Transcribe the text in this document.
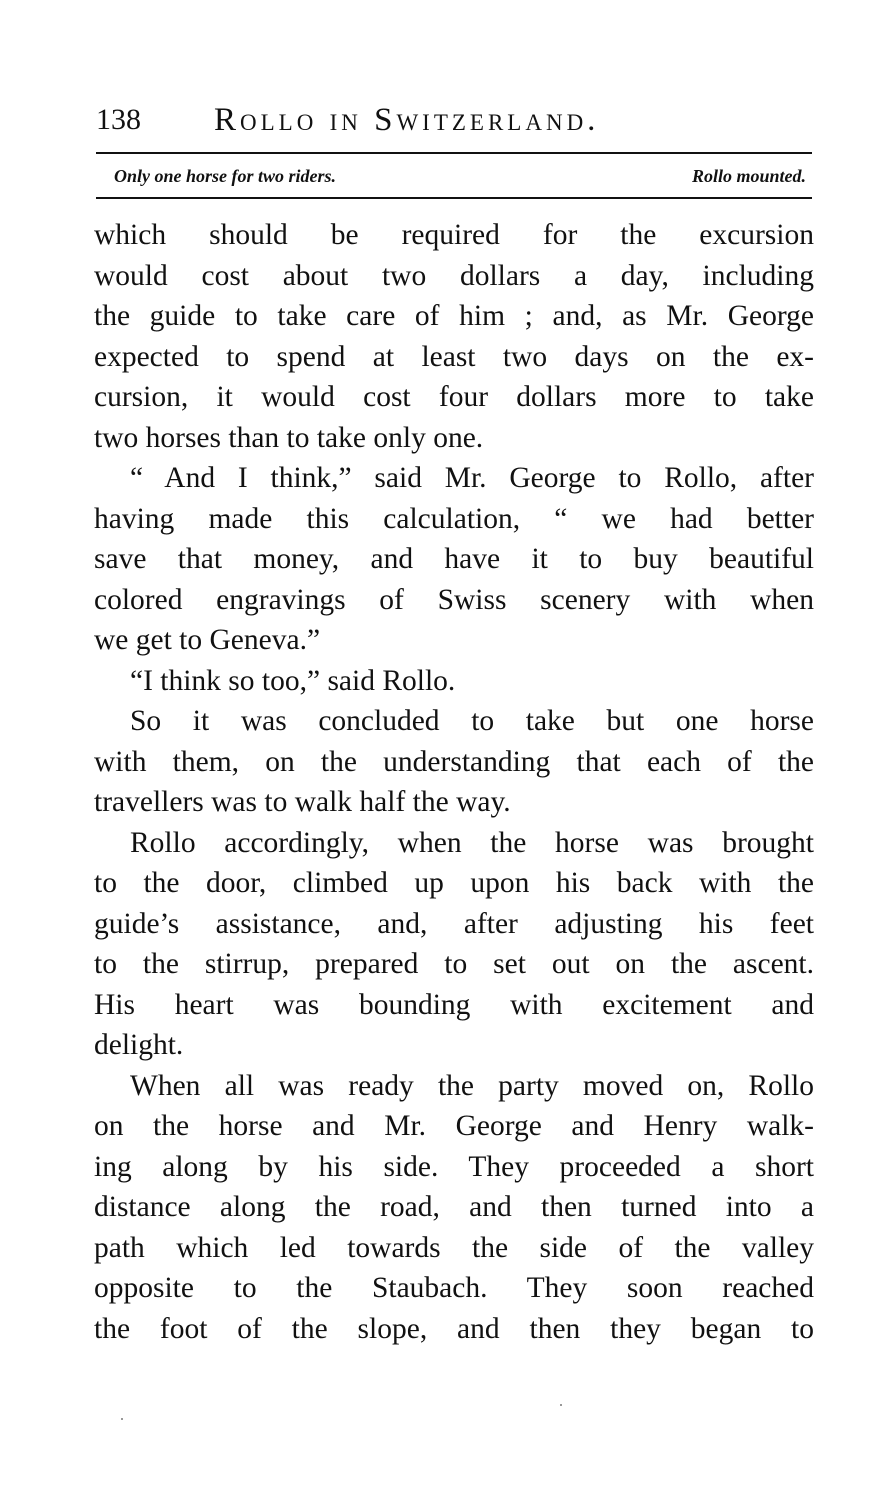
138 Rollo in Switzerland.
Only one horse for two riders.	Rollo mounted.
which should be required for the excursion
would cost about two dollars a day, including
the guide to take care of him ; and, as Mr. George
expected to spend at least two days on the ex-
cursion, it would cost four dollars more to take
two horses than to take only one.
“ And I think,” said Mr. George to Rollo, after
having made this calculation, “ we had better
save that money, and have it to buy beautiful
colored engravings of Swiss scenery with when
we get to Geneva.”
“I think so too,” said Rollo.
So it was concluded to take but one horse
with them, on the understanding that each of the
travellers was to walk half the way.
Rollo accordingly, when the horse was brought
to the door, climbed up upon his back with the
guide’s assistance, and, after adjusting his feet
to the stirrup, prepared to set out on the ascent.
His heart was bounding with excitement and
delight.
When all was ready the party moved on, Rollo
on the horse and Mr. George and Henry walk-
ing along by his side. They proceeded a short
distance along the road, and then turned into a
path which led towards the side of the valley
opposite to the Staubach. They soon reached
the foot of the slope, and then they began to
